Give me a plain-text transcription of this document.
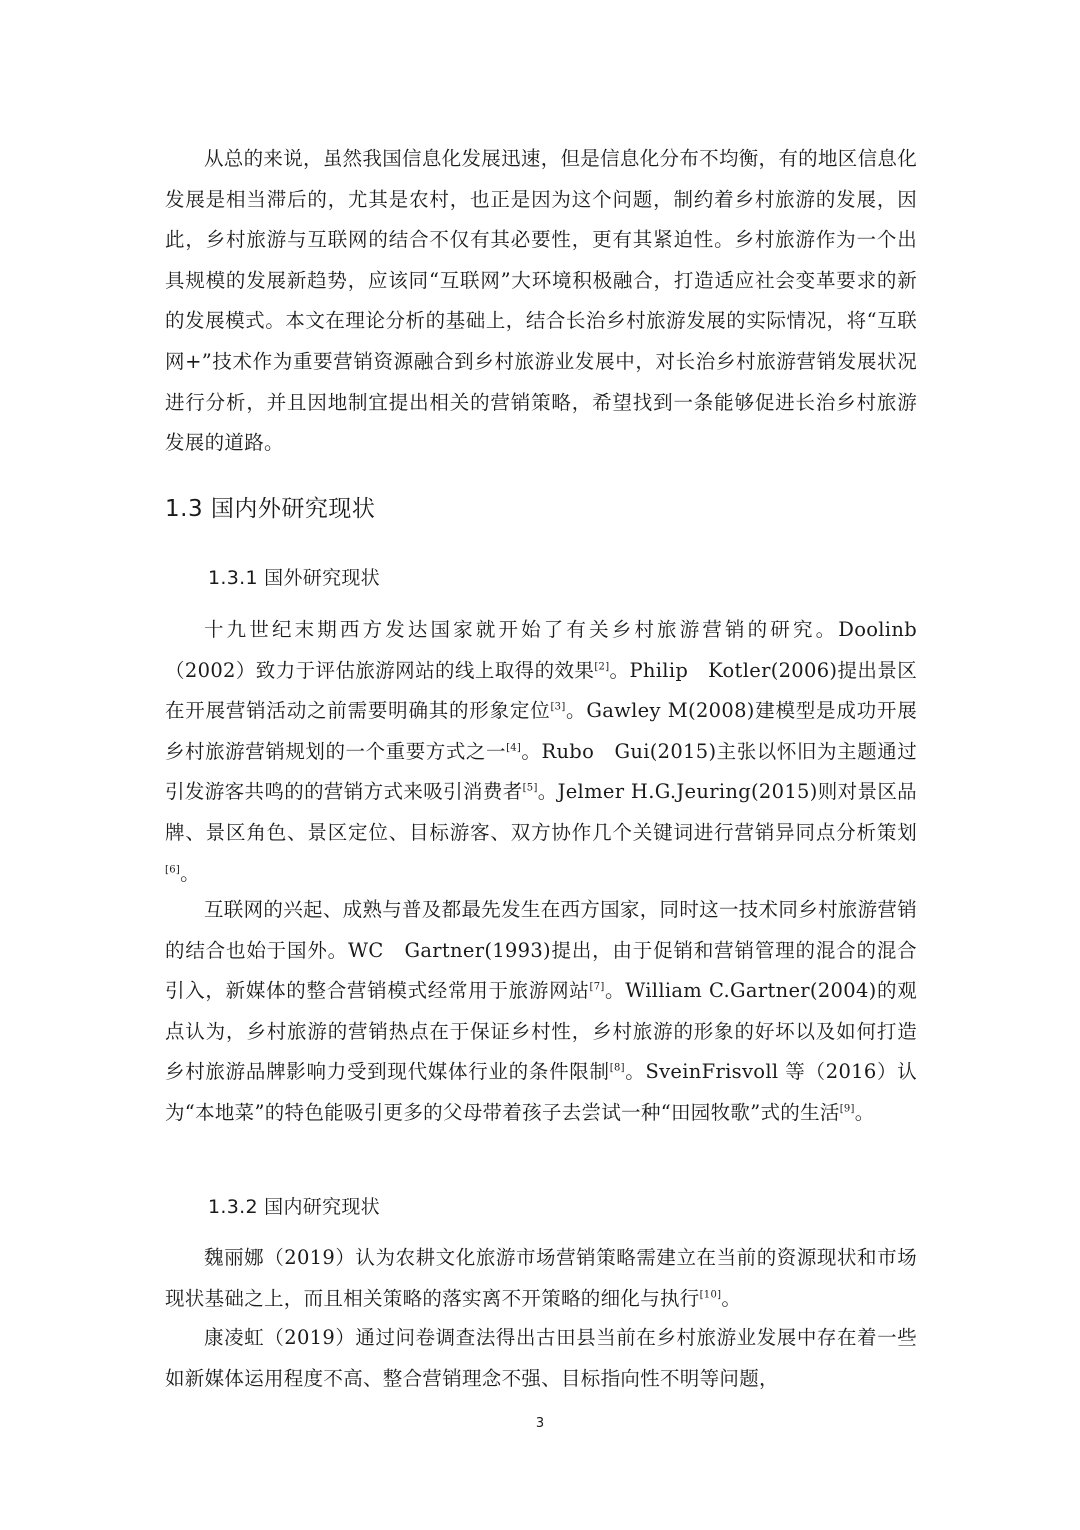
从总的来说，虽然我国信息化发展迅速，但是信息化分布不均衡，有的地区信息化发展是相当滞后的，尤其是农村，也正是因为这个问题，制约着乡村旅游的发展，因此，乡村旅游与互联网的结合不仅有其必要性，更有其紧迫性。乡村旅游作为一个出具规模的发展新趋势，应该同“互联网”大环境积极融合，打造适应社会变革要求的新的发展模式。本文在理论分析的基础上，结合长治乡村旅游发展的实际情况，将“互联网+”技术作为重要营销资源融合到乡村旅游业发展中，对长治乡村旅游营销发展状况进行分析，并且因地制宜提出相关的营销策略，希望找到一条能够促进长治乡村旅游发展的道路。

1.3 国内外研究现状
1.3.1 国外研究现状

十九世纪末期西方发达国家就开始了有关乡村旅游营销的研究。Doolinb（2002）致力于评估旅游网站的线上取得的效果[2]。Philip　Kotler(2006)提出景区在开展营销活动之前需要明确其的形象定位[3]。Gawley M(2008)建模型是成功开展乡村旅游营销规划的一个重要方式之一[4]。Rubo　Gui(2015)主张以怀旧为主题通过引发游客共鸣的的营销方式来吸引消费者[5]。Jelmer H.G.Jeuring(2015)则对景区品牌、景区角色、景区定位、目标游客、双方协作几个关键词进行营销异同点分析策划[6]。

互联网的兴起、成熟与普及都最先发生在西方国家，同时这一技术同乡村旅游营销的结合也始于国外。WC　Gartner(1993)提出，由于促销和营销管理的混合的混合引入，新媒体的整合营销模式经常用于旅游网站[7]。William C.Gartner(2004)的观点认为，乡村旅游的营销热点在于保证乡村性，乡村旅游的形象的好坏以及如何打造乡村旅游品牌影响力受到现代媒体行业的条件限制[8]。SveinFrisvoll 等（2016）认为“本地菜”的特色能吸引更多的父母带着孩子去尝试一种“田园牧歌”式的生活[9]。

1.3.2 国内研究现状

魏丽娜（2019）认为农耕文化旅游市场营销策略需建立在当前的资源现状和市场现状基础之上，而且相关策略的落实离不开策略的细化与执行[10]。

康凌虹（2019）通过问卷调查法得出古田县当前在乡村旅游业发展中存在着一些如新媒体运用程度不高、整合营销理念不强、目标指向性不明等问题，

3
